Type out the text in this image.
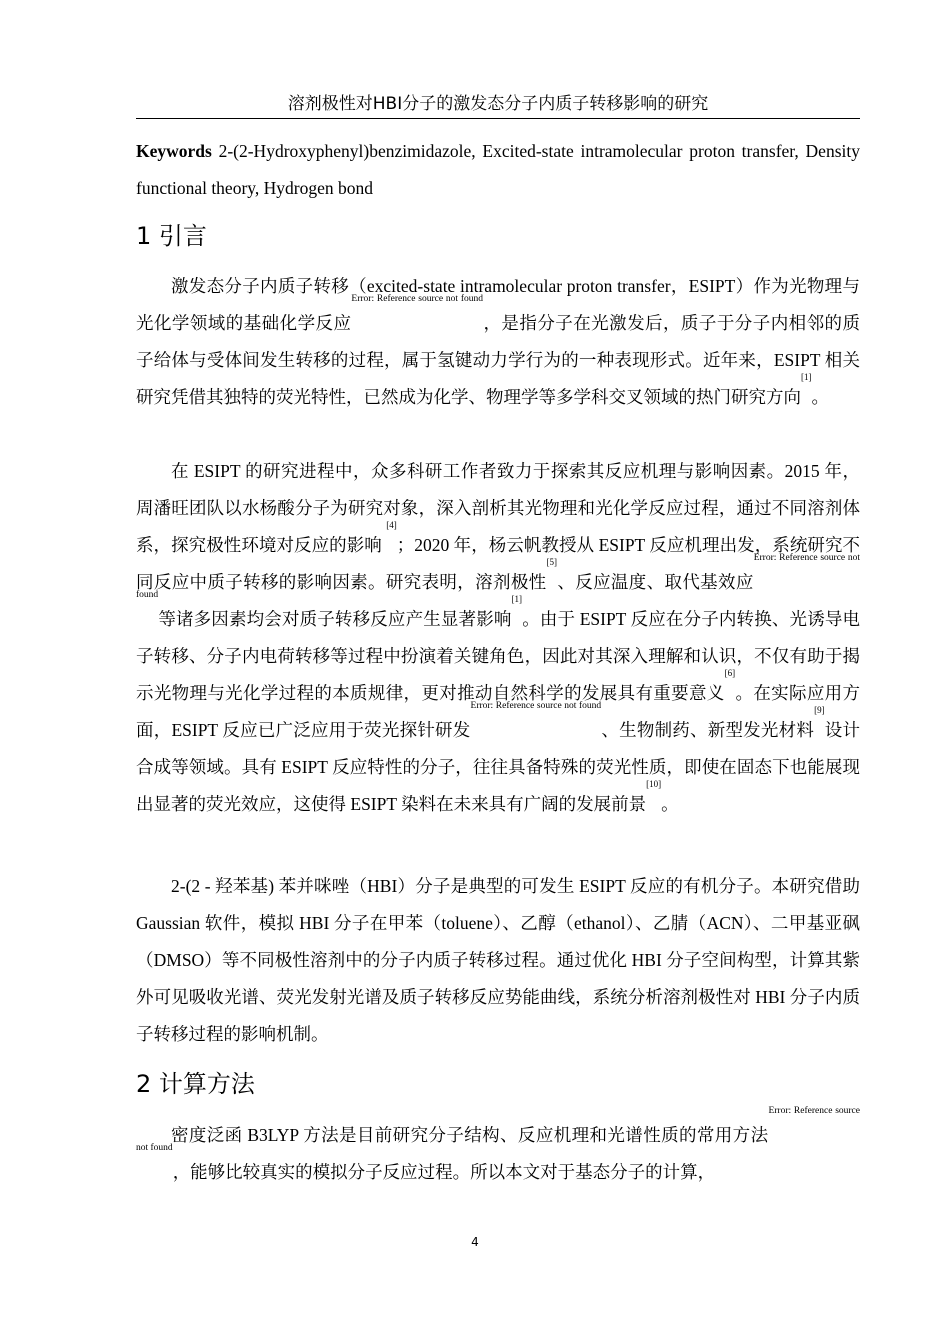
溶剂极性对HBI分子的激发态分子内质子转移影响的研究
Keywords 2-(2-Hydroxyphenyl)benzimidazole, Excited-state intramolecular proton transfer, Density functional theory, Hydrogen bond
1 引言

激发态分子内质子转移（excited-state intramolecular proton transfer，ESIPT）作为光物理与光化学领域的基础化学反应$^{Error: Reference source not found}$，是指分子在光激发后，质子于分子内相邻的质子给体与受体间发生转移的过程，属于氢键动力学行为的一种表现形式。近年来，ESIPT 相关研究凭借其独特的荧光特性，已然成为化学、物理学等多学科交叉领域的热门研究方向[1]。

在 ESIPT 的研究进程中，众多科研工作者致力于探索其反应机理与影响因素。2015 年，周潘旺团队以水杨酸分子为研究对象，深入剖析其光物理和光化学反应过程，通过不同溶剂体系，探究极性环境对反应的影响 [4]；2020 年，杨云帆教授从 ESIPT 反应机理出发，系统研究不同反应中质子转移的影响因素。研究表明，溶剂极性[5]、反应温度、取代基效应$^{Error: Reference source not found}$等诸多因素均会对质子转移反应产生显著影响[1]。由于 ESIPT 反应在分子内转换、光诱导电子转移、分子内电荷转移等过程中扮演着关键角色，因此对其深入理解和认识，不仅有助于揭示光物理与光化学过程的本质规律，更对推动自然科学的发展具有重要意义[6]。在实际应用方面，ESIPT 反应已广泛应用于荧光探针研发$^{Error: Reference source not found}$、生物制药、新型发光材料[9]设计合成等领域。具有 ESIPT 反应特性的分子，往往具备特殊的荧光性质，即使在固态下也能展现出显著的荧光效应，这使得 ESIPT 染料在未来具有广阔的发展前景[10]。

2-(2 - 羟苯基) 苯并咪唑（HBI）分子是典型的可发生 ESIPT 反应的有机分子。本研究借助 Gaussian 软件，模拟 HBI 分子在甲苯（toluene）、乙醇（ethanol）、乙腈（ACN）、二甲基亚砜（DMSO）等不同极性溶剂中的分子内质子转移过程。通过优化 HBI 分子空间构型，计算其紫外可见吸收光谱、荧光发射光谱及质子转移反应势能曲线，系统分析溶剂极性对 HBI 分子内质子转移过程的影响机制。

2 计算方法

密度泛函 B3LYP 方法是目前研究分子结构、反应机理和光谱性质的常用方法$^{Error: Reference source not found}$，能够比较真实的模拟分子反应过程。所以本文对于基态分子的计算，

4
